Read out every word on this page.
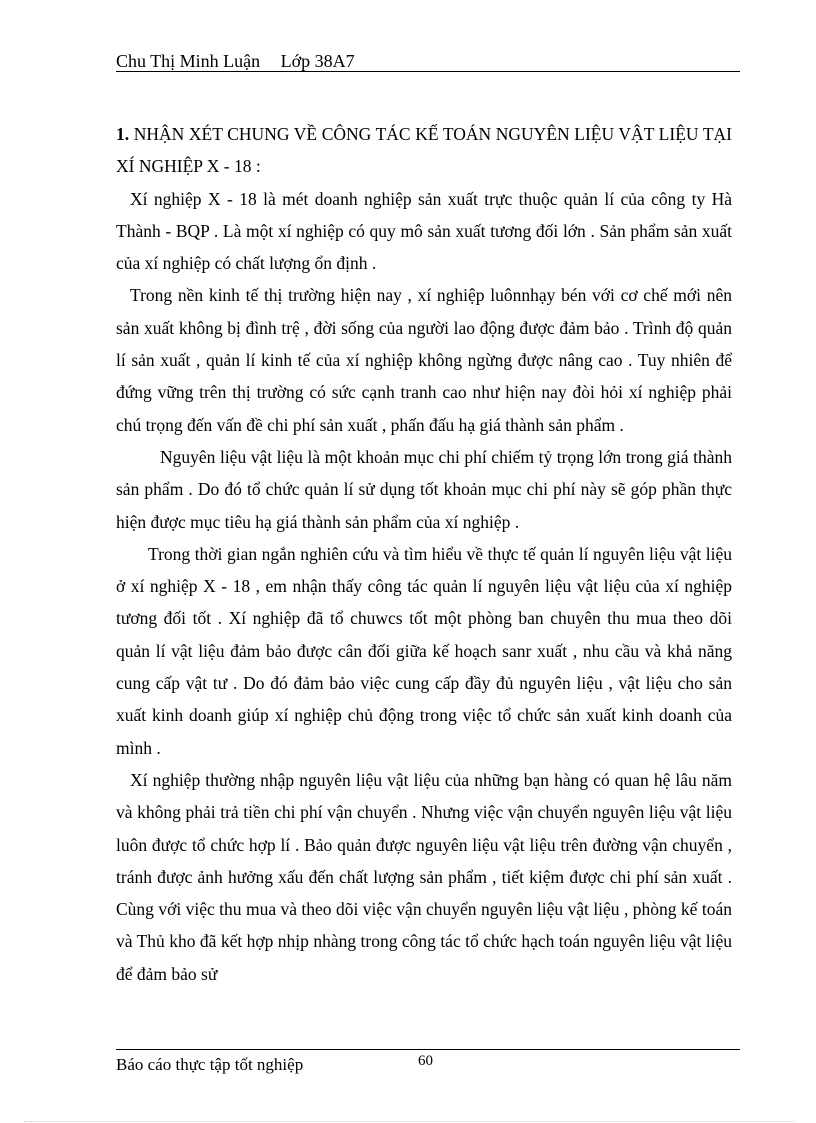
Chu Thị Minh Luận Lớp 38A7

1. NHẬN XÉT CHUNG VỀ CÔNG TÁC KẾ TOÁN NGUYÊN LIỆU VẬT LIỆU TẠI XÍ NGHIỆP X - 18 :

Xí nghiệp X - 18 là mét doanh nghiệp sản xuất trực thuộc quản lí của công ty Hà Thành - BQP . Là một xí nghiệp có quy mô sản xuất tương đối lớn . Sản phẩm sản xuất của xí nghiệp có chất lượng ổn định .

Trong nền kinh tế thị trường hiện nay , xí nghiệp luônnhạy bén với cơ chế mới nên sản xuất không bị đình trệ , đời sống của người lao động được đảm bảo . Trình độ quản lí sản xuất , quản lí kinh tế của xí nghiệp không ngừng được nâng cao . Tuy nhiên để đứng vững trên thị trường có sức cạnh tranh cao như hiện nay đòi hỏi xí nghiệp phải chú trọng đến vấn đề chi phí sản xuất , phấn đấu hạ giá thành sản phẩm .

Nguyên liệu vật liệu là một khoản mục chi phí chiếm tỷ trọng lớn trong giá thành sản phẩm . Do đó tổ chức quản lí sử dụng tốt khoản mục chi phí này sẽ góp phần thực hiện được mục tiêu hạ giá thành sản phẩm của xí nghiệp .

Trong thời gian ngắn nghiên cứu và tìm hiểu về thực tế quản lí nguyên liệu vật liệu ở xí nghiệp X - 18 , em nhận thấy công tác quản lí nguyên liệu vật liệu của xí nghiệp tương đối tốt . Xí nghiệp đã tổ chuwcs tốt một phòng ban chuyên thu mua theo dõi quản lí vật liệu đảm bảo được cân đối giữa kế hoạch sanr xuất , nhu cầu và khả năng cung cấp vật tư . Do đó đảm bảo việc cung cấp đầy đủ nguyên liệu , vật liệu cho sản xuất kinh doanh giúp xí nghiệp chủ động trong việc tổ chức sản xuất kinh doanh của mình .

Xí nghiệp thường nhập nguyên liệu vật liệu của những bạn hàng có quan hệ lâu năm và không phải trả tiền chi phí vận chuyển . Nhưng việc vận chuyển nguyên liệu vật liệu luôn được tổ chức hợp lí . Bảo quản được nguyên liệu vật liệu trên đường vận chuyển , tránh được ảnh hưởng xấu đến chất lượng sản phẩm , tiết kiệm được chi phí sản xuất . Cùng với việc thu mua và theo dõi việc vận chuyển nguyên liệu vật liệu , phòng kế toán và Thủ kho đã kết hợp nhịp nhàng trong công tác tổ chức hạch toán nguyên liệu vật liệu để đảm bảo sử

Báo cáo thực tập tốt nghiệp	60
